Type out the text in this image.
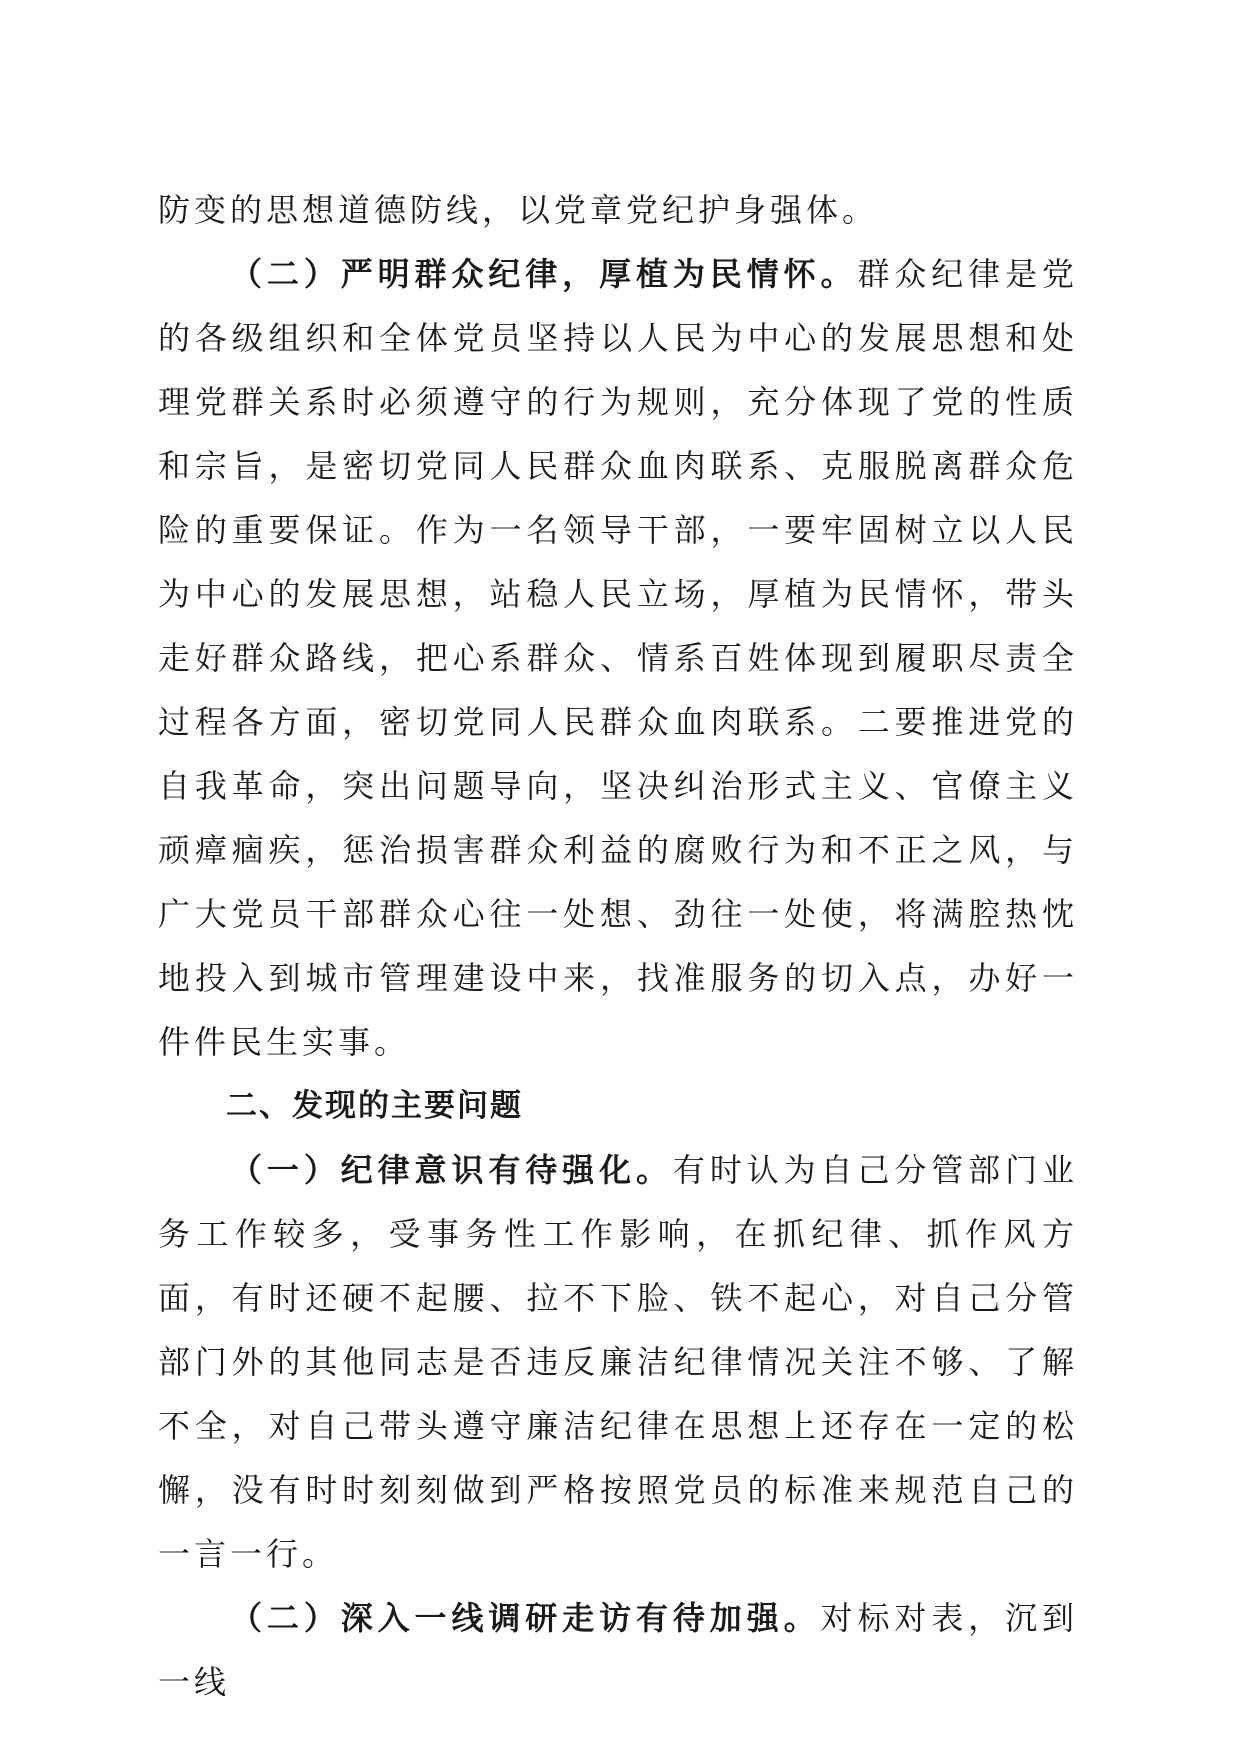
防变的思想道德防线，以党章党纪护身强体。

（二）严明群众纪律，厚植为民情怀。群众纪律是党的各级组织和全体党员坚持以人民为中心的发展思想和处理党群关系时必须遵守的行为规则，充分体现了党的性质和宗旨，是密切党同人民群众血肉联系、克服脱离群众危险的重要保证。作为一名领导干部，一要牢固树立以人民为中心的发展思想，站稳人民立场，厚植为民情怀，带头走好群众路线，把心系群众、情系百姓体现到履职尽责全过程各方面，密切党同人民群众血肉联系。二要推进党的自我革命，突出问题导向，坚决纠治形式主义、官僚主义顽瘴痼疾，惩治损害群众利益的腐败行为和不正之风，与广大党员干部群众心往一处想、劲往一处使，将满腔热忱地投入到城市管理建设中来，找准服务的切入点，办好一件件民生实事。

二、发现的主要问题

（一）纪律意识有待强化。有时认为自己分管部门业务工作较多，受事务性工作影响，在抓纪律、抓作风方面，有时还硬不起腰、拉不下脸、铁不起心，对自己分管部门外的其他同志是否违反廉洁纪律情况关注不够、了解不全，对自己带头遵守廉洁纪律在思想上还存在一定的松懈，没有时时刻刻做到严格按照党员的标准来规范自己的一言一行。

（二）深入一线调研走访有待加强。对标对表，沉到一线
